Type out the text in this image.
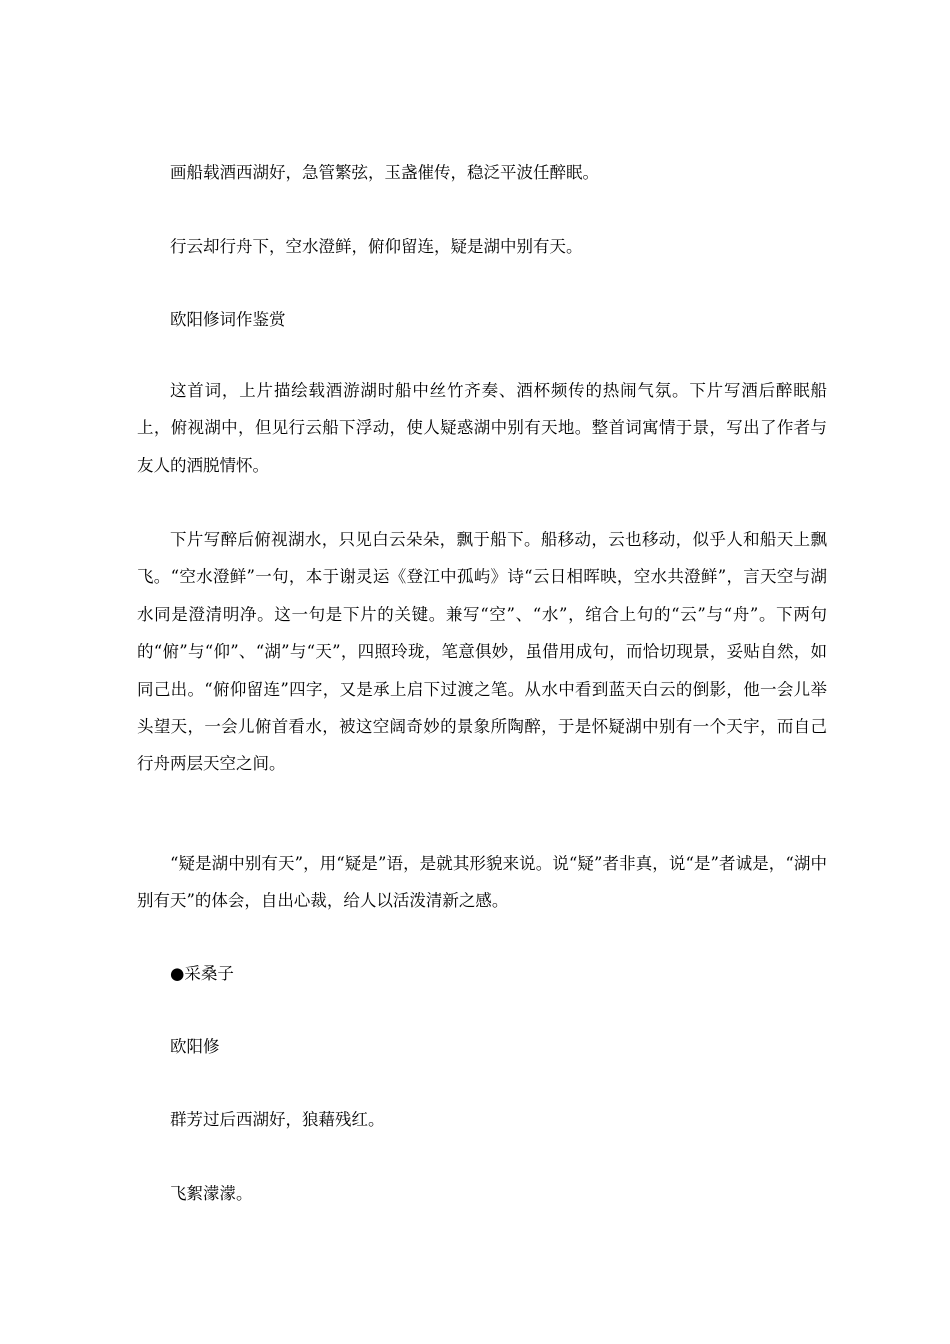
画船载酒西湖好，急管繁弦，玉盏催传，稳泛平波任醉眠。
行云却行舟下，空水澄鲜，俯仰留连，疑是湖中别有天。
欧阳修词作鉴赏
这首词，上片描绘载酒游湖时船中丝竹齐奏、酒杯频传的热闹气氛。下片写酒后醉眠船上，俯视湖中，但见行云船下浮动，使人疑惑湖中别有天地。整首词寓情于景，写出了作者与友人的洒脱情怀。
下片写醉后俯视湖水，只见白云朵朵，飘于船下。船移动，云也移动，似乎人和船天上飘飞。“空水澄鲜”一句，本于谢灵运《登江中孤屿》诗“云日相晖映，空水共澄鲜”，言天空与湖水同是澄清明净。这一句是下片的关键。兼写“空”、“水”，绾合上句的“云”与“舟”。下两句的“俯”与“仰”、“湖”与“天”，四照玲珑，笔意俱妙，虽借用成句，而恰切现景，妥贴自然，如同己出。“俯仰留连”四字，又是承上启下过渡之笔。从水中看到蓝天白云的倒影，他一会儿举头望天，一会儿俯首看水，被这空阔奇妙的景象所陶醉，于是怀疑湖中别有一个天宇，而自己行舟两层天空之间。
“疑是湖中别有天”，用“疑是”语，是就其形貌来说。说“疑”者非真，说“是”者诚是，“湖中别有天”的体会，自出心裁，给人以活泼清新之感。
●采桑子
欧阳修
群芳过后西湖好，狼藉残红。
飞絮濛濛。
